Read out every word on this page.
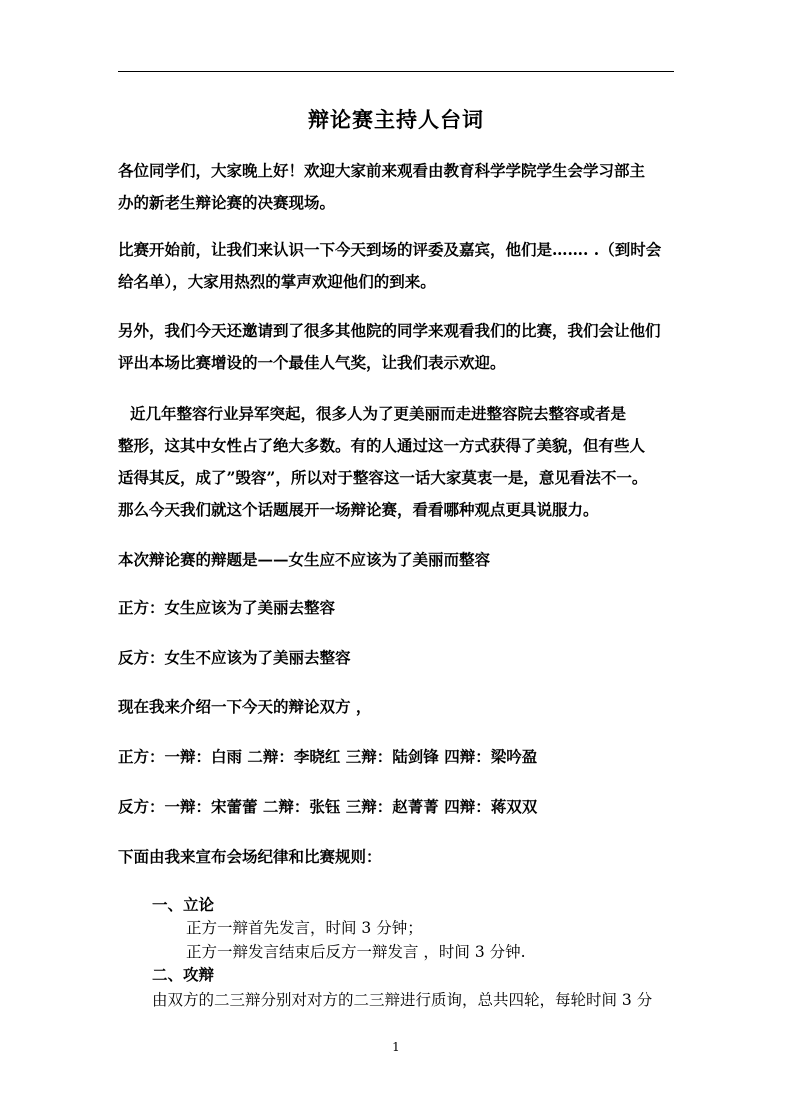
辩论赛主持人台词
各位同学们，大家晚上好！欢迎大家前来观看由教育科学学院学生会学习部主
办的新老生辩论赛的决赛现场。
比赛开始前，让我们来认识一下今天到场的评委及嘉宾，他们是……. .（到时会
给名单），大家用热烈的掌声欢迎他们的到来。
另外，我们今天还邀请到了很多其他院的同学来观看我们的比赛，我们会让他们
评出本场比赛增设的一个最佳人气奖，让我们表示欢迎。
近几年整容行业异军突起，很多人为了更美丽而走进整容院去整容或者是
整形，这其中女性占了绝大多数。有的人通过这一方式获得了美貌，但有些人
适得其反，成了”毁容”，所以对于整容这一话大家莫衷一是，意见看法不一。
那么今天我们就这个话题展开一场辩论赛，看看哪种观点更具说服力。
本次辩论赛的辩题是——女生应不应该为了美丽而整容
正方：女生应该为了美丽去整容
反方：女生不应该为了美丽去整容
现在我来介绍一下今天的辩论双方 ，
正方：一辩：白雨 二辩：李晓红 三辩：陆剑锋 四辩：梁吟盈
反方：一辩：宋蕾蕾 二辩：张钰 三辩：赵菁菁 四辩：蒋双双
下面由我来宣布会场纪律和比赛规则：
一、立论
正方一辩首先发言，时间 3 分钟；
正方一辩发言结束后反方一辩发言 ，时间 3 分钟.
二、攻辩
由双方的二三辩分别对对方的二三辩进行质询，总共四轮，每轮时间 3 分
1
